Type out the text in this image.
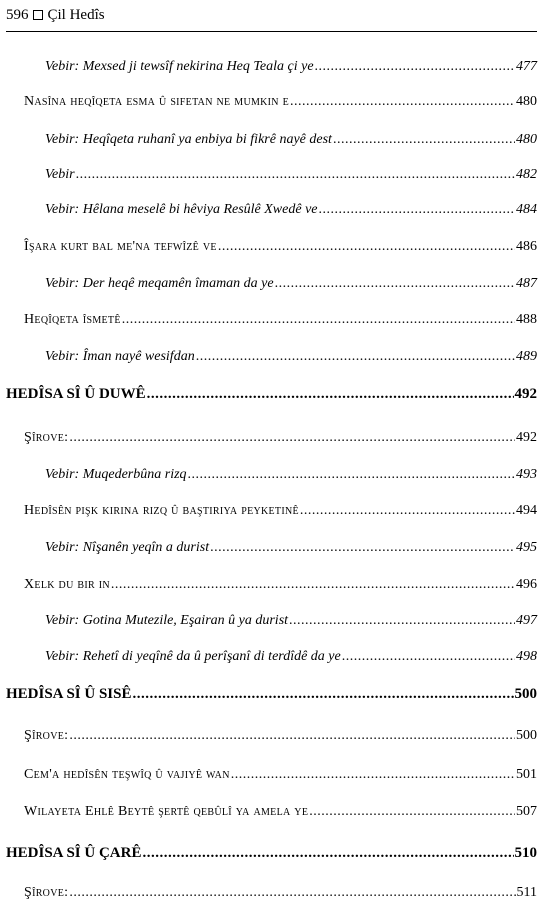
596 Çil Hedîs
Vebir: Mexsed ji tewsîf nekirina Heq Teala çi ye .....	477
Nasîna heqîqeta esma û sifetan ne mumkin e .....	480
Vebir: Heqîqeta ruhanî ya enbiya bi fikrê nayê dest .....	480
Vebir .....	482
Vebir: Hêlana meselê bi hêviya Resûlê Xwedê ve .....	484
Îşara kurt bal me'na tefwîzê ve .....	486
Vebir: Der heqê meqamên îmaman da ye .....	487
Heqîqeta îsmetê .....	488
Vebir: Îman nayê wesifdan .....	489
HEDÎSA SÎ Û DUWÊ .....	492
Şîrove: .....	492
Vebir: Muqederbûna rizq .....	493
Hedîsên pişk kirina rizq û baştiriya peyketinê .....	494
Vebir: Nîşanên yeqîn a durist .....	495
Xelk du bir in .....	496
Vebir: Gotina Mutezile, Eşairan û ya durist .....	497
Vebir: Rehetî di yeqînê da û perîşanî di terdîdê da ye .....	498
HEDÎSA SÎ Û SISÊ .....	500
Şîrove: .....	500
Cem'a hedîsên teşwîq û vajiyê wan .....	501
Wilayeta Ehlê Beytê şertê qebûlî ya amela ye .....	507
HEDÎSA SÎ Û ÇARÊ .....	510
Şîrove: .....	511
